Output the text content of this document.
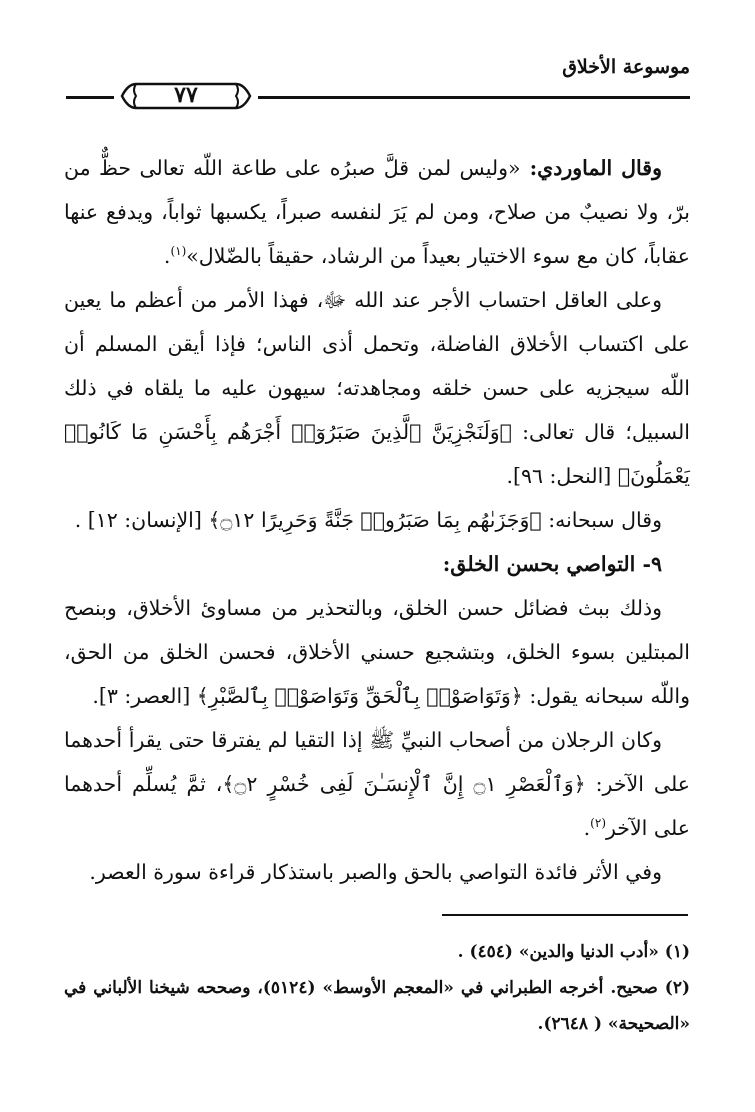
موسوعة الأخلاق
٧٧

وقال الماوردي: «وليس لمن قلَّ صبرُه على طاعة اللّه تعالى حظٌّ من برّ، ولا نصيبٌ من صلاح، ومن لم يَرَ لنفسه صبراً، يكسبها ثواباً، ويدفع عنها عقاباً، كان مع سوء الاختيار بعيداً من الرشاد، حقيقاً بالضّلال»$^{(١)}$.

وعلى العاقل احتساب الأجر عند الله ﷻ، فهذا الأمر من أعظم ما يعين على اكتساب الأخلاق الفاضلة، وتحمل أذى الناس؛ فإذا أيقن المسلم أن اللّه سيجزيه على حسن خلقه ومجاهدته؛ سيهون عليه ما يلقاه في ذلك السبيل؛ قال تعالى: ﴿وَلَنَجْزِيَنَّ ٱلَّذِينَ صَبَرُوٓا۟ أَجْرَهُم بِأَحْسَنِ مَا كَانُوا۟ يَعْمَلُونَ﴾ [النحل: ٩٦].

وقال سبحانه: ﴿وَجَزَىٰهُم بِمَا صَبَرُوا۟ جَنَّةً وَحَرِيرًا ۝١٢﴾ [الإنسان: ١٢] .

٩- التواصي بحسن الخلق:

وذلك ببث فضائل حسن الخلق، وبالتحذير من مساوئ الأخلاق، وبنصح المبتلين بسوء الخلق، وبتشجيع حسني الأخلاق، فحسن الخلق من الحق، واللّه سبحانه يقول: ﴿وَتَوَاصَوْا۟ بِٱلْحَقِّ وَتَوَاصَوْا۟ بِٱلصَّبْرِ﴾ [العصر: ٣].

وكان الرجلان من أصحاب النبيِّ ﷺ إذا التقيا لم يفترقا حتى يقرأ أحدهما على الآخر: ﴿وَٱلْعَصْرِ ۝١ إِنَّ ٱلْإِنسَـٰنَ لَفِى خُسْرٍ ۝٢﴾، ثمَّ يُسلِّم أحدهما على الآخر$^{(٢)}$.

وفي الأثر فائدة التواصي بالحق والصبر باستذكار قراءة سورة العصر.

(١) «أدب الدنيا والدين» (٤٥٤) .

(٢) صحيح. أخرجه الطبراني في «المعجم الأوسط» (٥١٢٤)، وصححه شيخنا الألباني في «الصحيحة» ( ٢٦٤٨).
